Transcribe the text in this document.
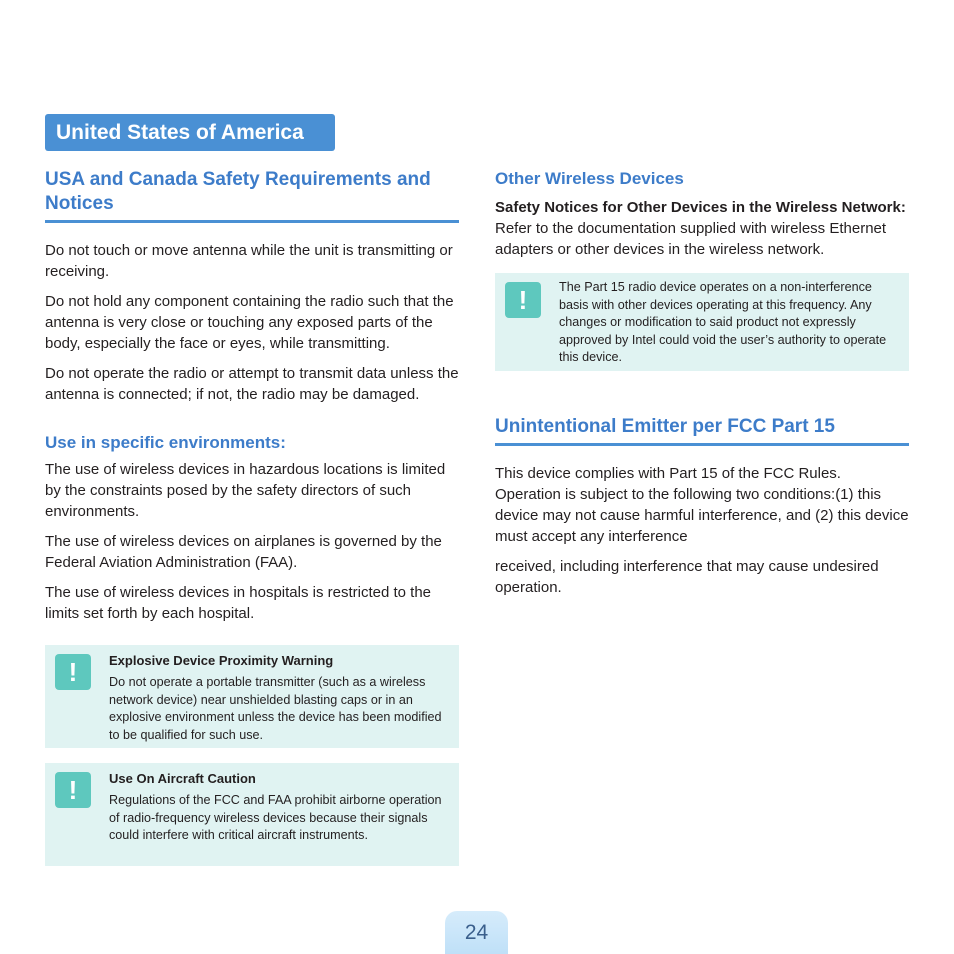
United States of America
USA and Canada Safety Requirements and Notices

Do not touch or move antenna while the unit is transmitting or receiving.

Do not hold any component containing the radio such that the antenna is very close or touching any exposed parts of the body, especially the face or eyes, while transmitting.

Do not operate the radio or attempt to transmit data unless the antenna is connected; if not, the radio may be damaged.

Use in specific environments:

The use of wireless devices in hazardous locations is limited by the constraints posed by the safety directors of such environments.

The use of wireless devices on airplanes is governed by the Federal Aviation Administration (FAA).

The use of wireless devices in hospitals is restricted to the limits set forth by each hospital.

!	Explosive Device Proximity Warning
Do not operate a portable transmitter (such as a wireless network device) near unshielded blasting caps or in an explosive environment unless the device has been modified to be qualified for such use.
!	Use On Aircraft Caution
Regulations of the FCC and FAA prohibit airborne operation of radio-frequency wireless devices because their signals could interfere with critical aircraft instruments.
Other Wireless Devices

Safety Notices for Other Devices in the Wireless Network: Refer to the documentation supplied with wireless Ethernet adapters or other devices in the wireless network.

!	The Part 15 radio device operates on a non-interference basis with other devices operating at this frequency. Any changes or modification to said product not expressly approved by Intel could void the user’s authority to operate this device.
Unintentional Emitter per FCC Part 15

This device complies with Part 15 of the FCC Rules. Operation is subject to the following two conditions:(1) this device may not cause harmful interference, and (2) this device must accept any interference

received, including interference that may cause undesired operation.

24
